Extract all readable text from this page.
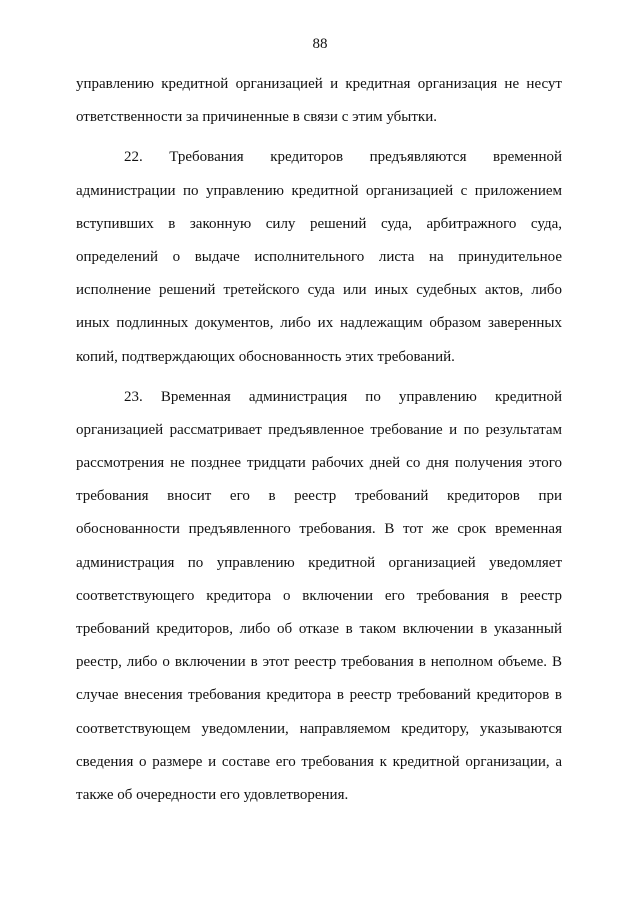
88
управлению кредитной организацией и кредитная организация не несут
ответственности за причиненные в связи с этим убытки.
22. Требования кредиторов предъявляются временной
администрации по управлению кредитной организацией с приложением
вступивших в законную силу решений суда, арбитражного суда,
определений о выдаче исполнительного листа на принудительное
исполнение решений третейского суда или иных судебных актов, либо
иных подлинных документов, либо их надлежащим образом заверенных
копий, подтверждающих обоснованность этих требований.
23. Временная администрация по управлению кредитной
организацией рассматривает предъявленное требование и по результатам
рассмотрения не позднее тридцати рабочих дней со дня получения этого
требования вносит его в реестр требований кредиторов при
обоснованности предъявленного требования. В тот же срок временная
администрация по управлению кредитной организацией уведомляет
соответствующего кредитора о включении его требования в реестр
требований кредиторов, либо об отказе в таком включении в указанный
реестр, либо о включении в этот реестр требования в неполном объеме. В
случае внесения требования кредитора в реестр требований кредиторов в
соответствующем уведомлении, направляемом кредитору, указываются
сведения о размере и составе его требования к кредитной организации, а
также об очередности его удовлетворения.
